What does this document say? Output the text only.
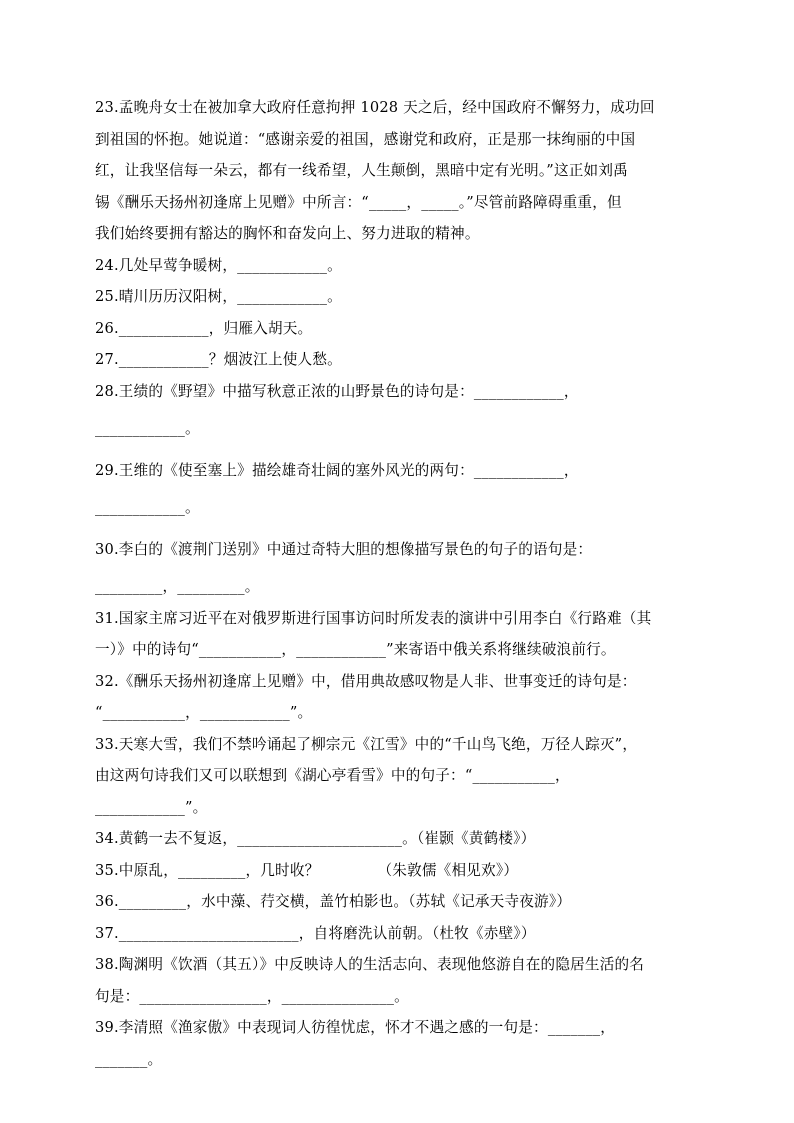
23.孟晚舟女士在被加拿大政府任意拘押 1028 天之后，经中国政府不懈努力，成功回
到祖国的怀抱。她说道：“感谢亲爱的祖国，感谢党和政府，正是那一抹绚丽的中国
红，让我坚信每一朵云，都有一线希望，人生颠倒，黑暗中定有光明。”这正如刘禹
锡《酬乐天扬州初逢席上见赠》中所言：“_____，_____。”尽管前路障碍重重，但
我们始终要拥有豁达的胸怀和奋发向上、努力进取的精神。
24.几处早莺争暖树，____________。
25.晴川历历汉阳树，____________。
26.____________，归雁入胡天。
27.____________？烟波江上使人愁。
28.王绩的《野望》中描写秋意正浓的山野景色的诗句是：____________，
____________。
29.王维的《使至塞上》描绘雄奇壮阔的塞外风光的两句：____________，
____________。
30.李白的《渡荆门送别》中通过奇特大胆的想像描写景色的句子的语句是：
_________，_________。
31.国家主席习近平在对俄罗斯进行国事访问时所发表的演讲中引用李白《行路难（其
一）》中的诗句“___________，____________”来寄语中俄关系将继续破浪前行。
32.《酬乐天扬州初逢席上见赠》中，借用典故感叹物是人非、世事变迁的诗句是：
“___________，____________”。
33.天寒大雪，我们不禁吟诵起了柳宗元《江雪》中的“千山鸟飞绝，万径人踪灭”，
由这两句诗我们又可以联想到《湖心亭看雪》中的句子：“___________，
____________”。
34.黄鹤一去不复返，______________________。（崔颢《黄鹤楼》）
35.中原乱，_________，几时收？            （朱敦儒《相见欢》）
36._________，水中藻、荇交横，盖竹柏影也。（苏轼《记承天寺夜游》）
37.________________________，自将磨洗认前朝。（杜牧《赤壁》）
38.陶渊明《饮酒（其五）》中反映诗人的生活志向、表现他悠游自在的隐居生活的名
句是：_________________，_______________。
39.李清照《渔家傲》中表现词人彷徨忧虑，怀才不遇之感的一句是：_______，
_______。
